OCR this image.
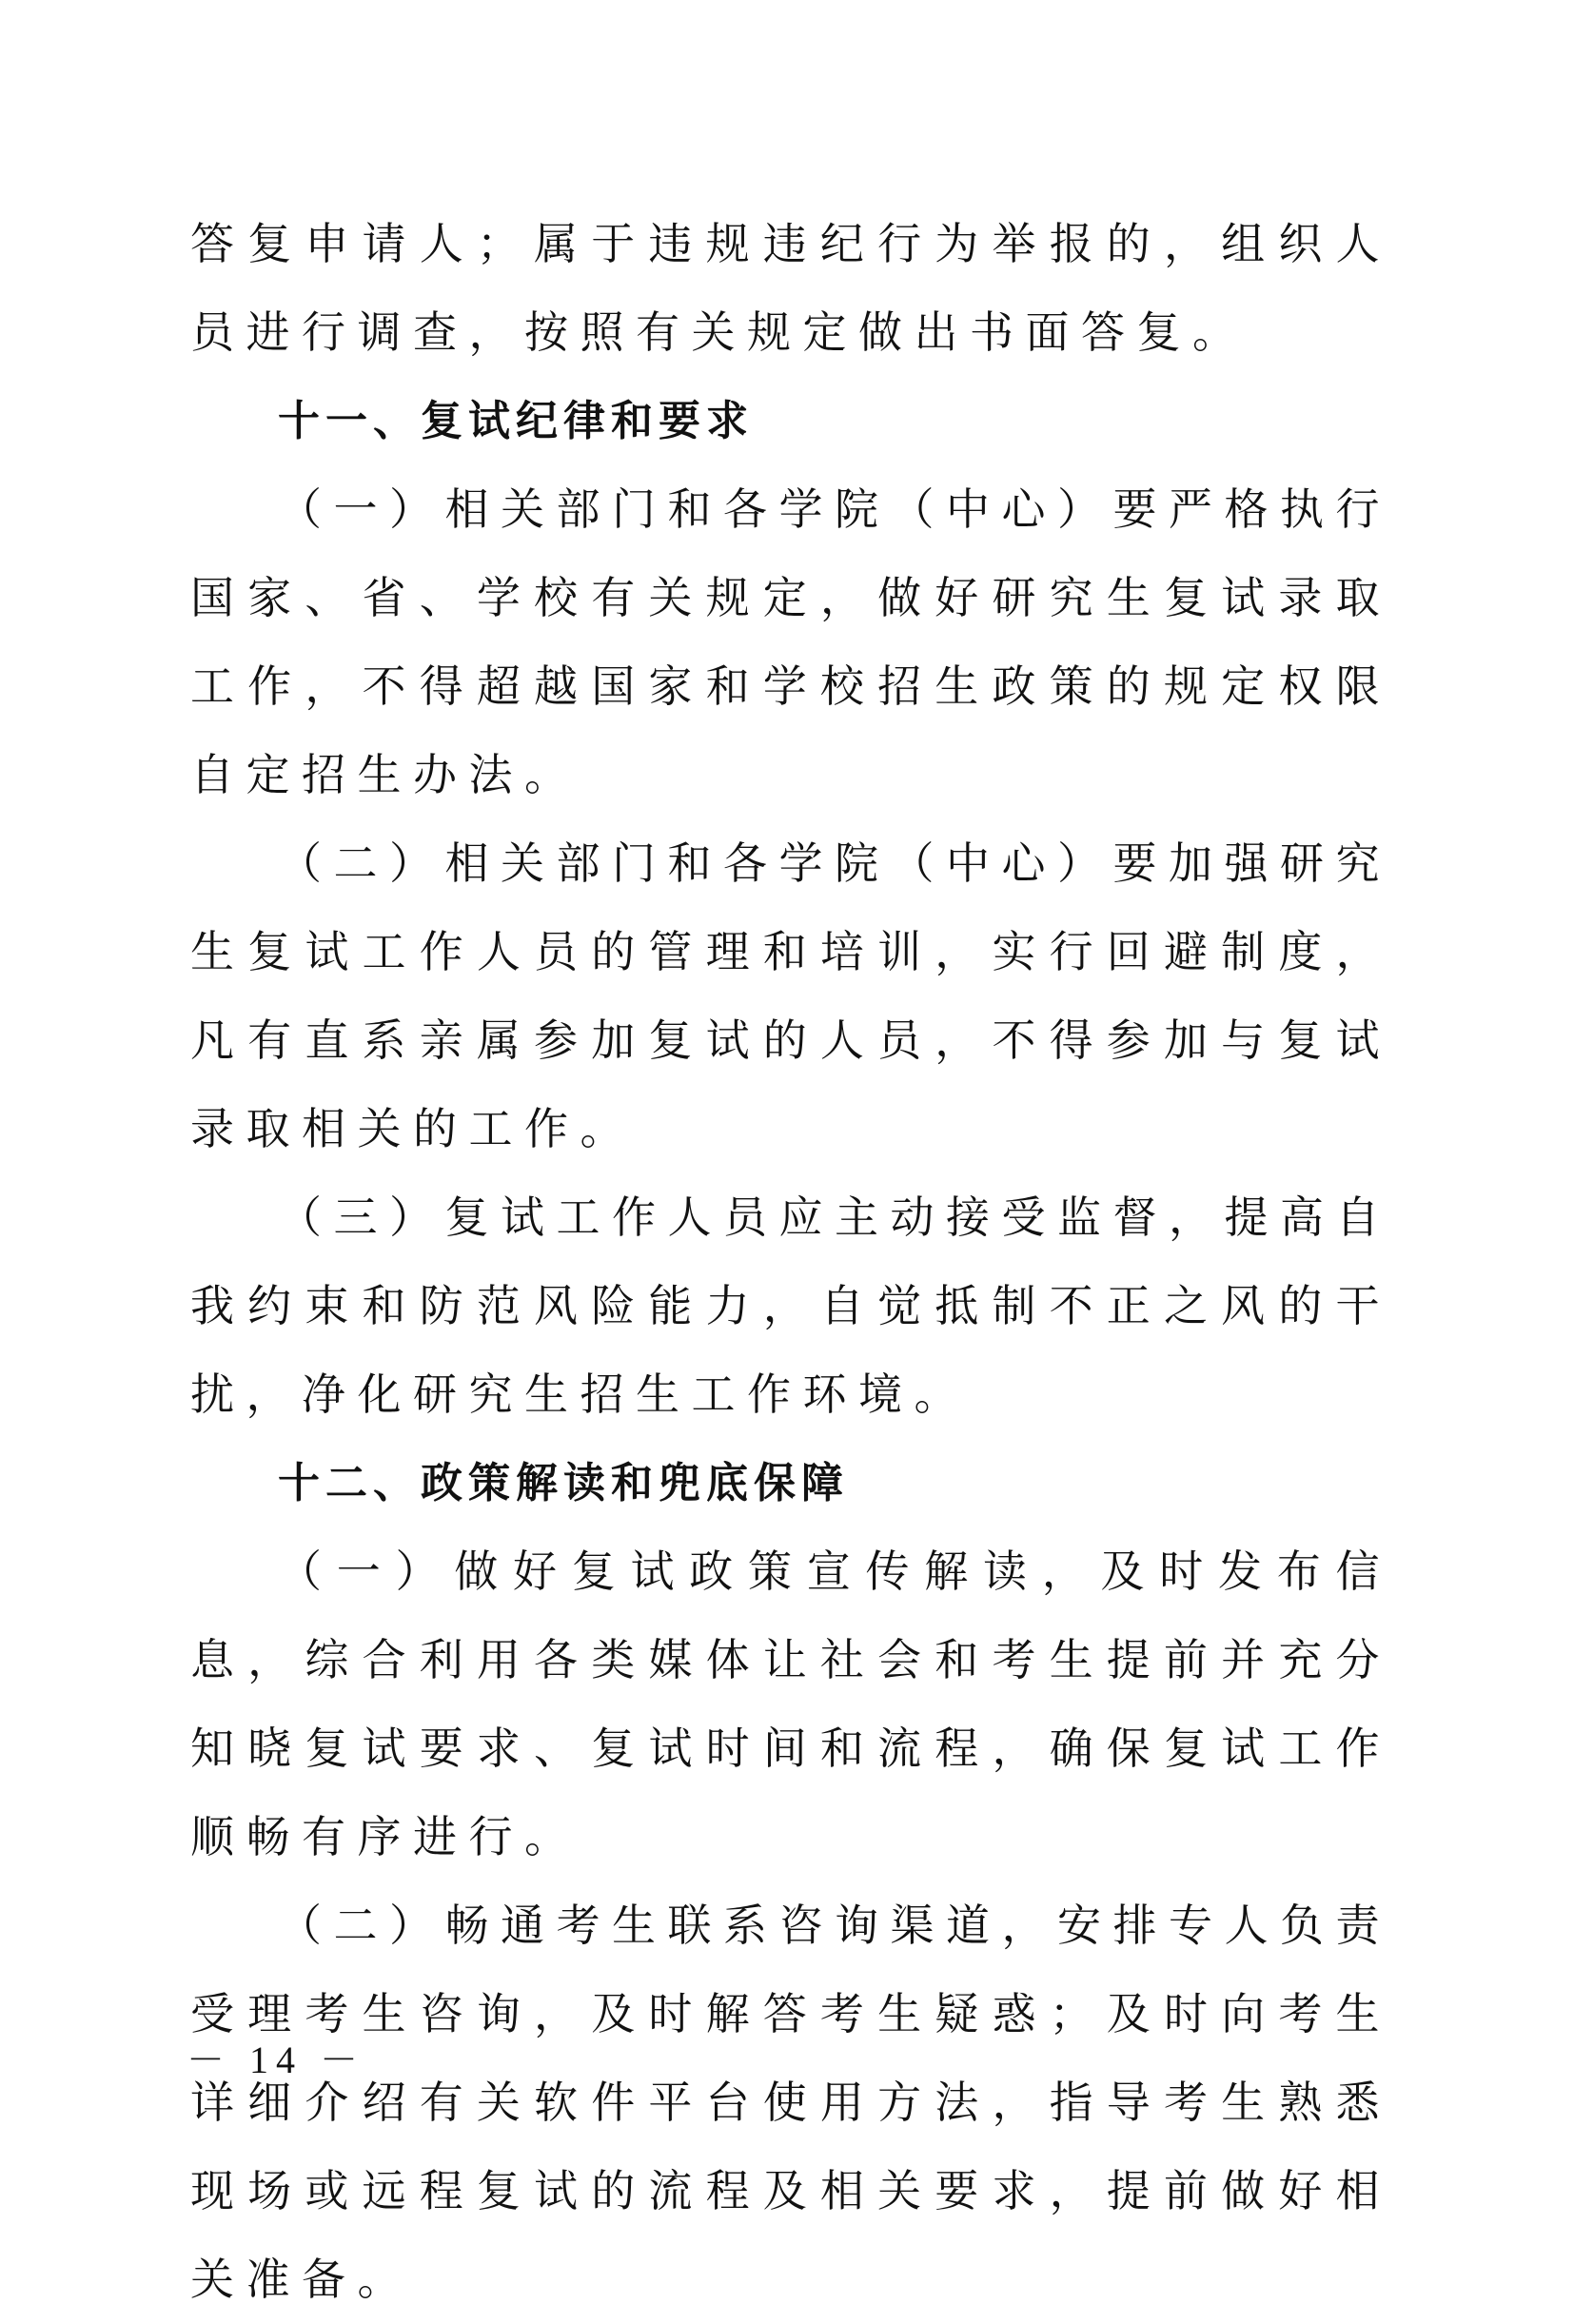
答复申请人；属于违规违纪行为举报的，组织人员进行调查，按照有关规定做出书面答复。

十一、复试纪律和要求

（一）相关部门和各学院（中心）要严格执行国家、省、学校有关规定，做好研究生复试录取工作，不得超越国家和学校招生政策的规定权限自定招生办法。

（二）相关部门和各学院（中心）要加强研究生复试工作人员的管理和培训，实行回避制度，凡有直系亲属参加复试的人员，不得参加与复试录取相关的工作。

（三）复试工作人员应主动接受监督，提高自我约束和防范风险能力，自觉抵制不正之风的干扰，净化研究生招生工作环境。

十二、政策解读和兜底保障

（一）做好复试政策宣传解读，及时发布信息，综合利用各类媒体让社会和考生提前并充分知晓复试要求、复试时间和流程，确保复试工作顺畅有序进行。

（二）畅通考生联系咨询渠道，安排专人负责受理考生咨询，及时解答考生疑惑；及时向考生详细介绍有关软件平台使用方法，指导考生熟悉现场或远程复试的流程及相关要求，提前做好相关准备。

－ 14 －
